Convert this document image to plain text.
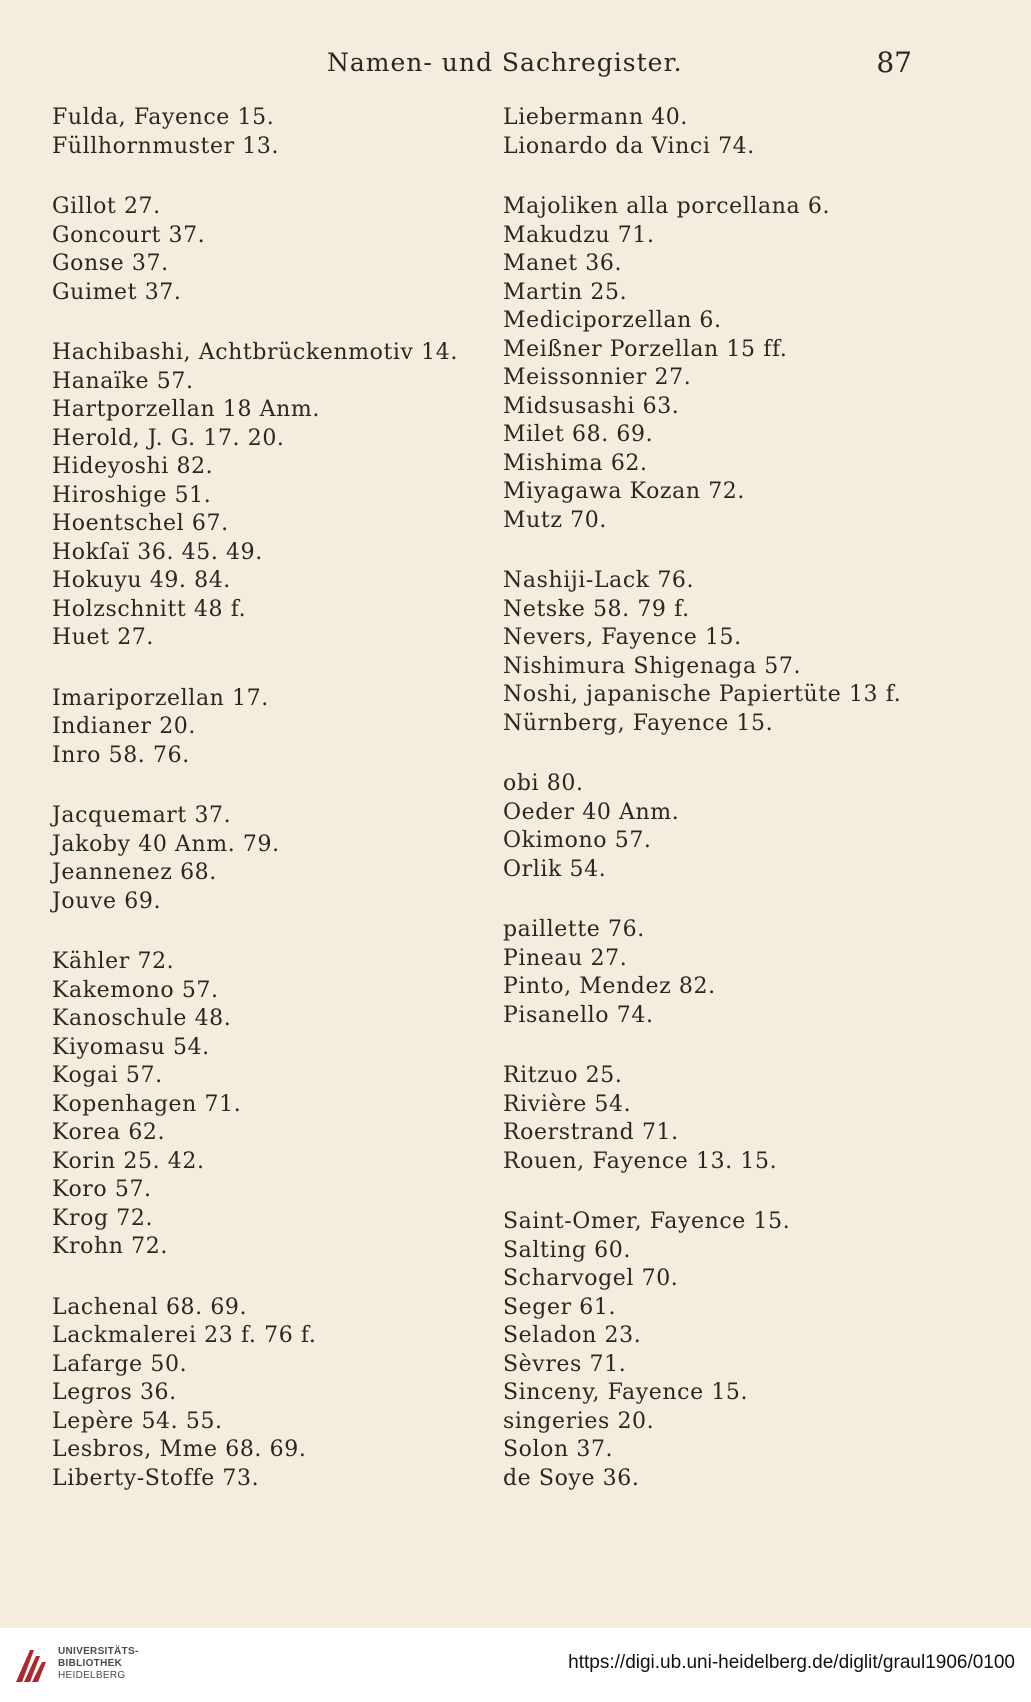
Namen- und Sachregister.	87
Fulda, Fayence 15.
Füllhornmuster 13.
Gillot 27.
Goncourt 37.
Gonse 37.
Guimet 37.
Hachibashi, Achtbrückenmotiv 14.
Hanaïke 57.
Hartporzellan 18 Anm.
Herold, J. G. 17. 20.
Hideyoshi 82.
Hiroshige 51.
Hoentschel 67.
Hokſaï 36. 45. 49.
Hokuyu 49. 84.
Holzschnitt 48 f.
Huet 27.
Imariporzellan 17.
Indianer 20.
Inro 58. 76.
Jacquemart 37.
Jakoby 40 Anm. 79.
Jeannenez 68.
Jouve 69.
Kähler 72.
Kakemono 57.
Kanoschule 48.
Kiyomasu 54.
Kogai 57.
Kopenhagen 71.
Korea 62.
Korin 25. 42.
Koro 57.
Krog 72.
Krohn 72.
Lachenal 68. 69.
Lackmalerei 23 f. 76 f.
Lafarge 50.
Legros 36.
Lepère 54. 55.
Lesbros, Mme 68. 69.
Liberty-Stoffe 73.
Liebermann 40.
Lionardo da Vinci 74.
Majoliken alla porcellana 6.
Makudzu 71.
Manet 36.
Martin 25.
Mediciporzellan 6.
Meißner Porzellan 15 ff.
Meissonnier 27.
Midsusashi 63.
Milet 68. 69.
Mishima 62.
Miyagawa Kozan 72.
Mutz 70.
Nashiji-Lack 76.
Netske 58. 79 f.
Nevers, Fayence 15.
Nishimura Shigenaga 57.
Noshi, japanische Papiertüte 13 f.
Nürnberg, Fayence 15.
obi 80.
Oeder 40 Anm.
Okimono 57.
Orlik 54.
paillette 76.
Pineau 27.
Pinto, Mendez 82.
Pisanello 74.
Ritzuo 25.
Rivière 54.
Roerstrand 71.
Rouen, Fayence 13. 15.
Saint-Omer, Fayence 15.
Salting 60.
Scharvogel 70.
Seger 61.
Seladon 23.
Sèvres 71.
Sinceny, Fayence 15.
singeries 20.
Solon 37.
de Soye 36.
UNIVERSITÄTS-
BIBLIOTHEK
HEIDELBERG
https://digi.ub.uni-heidelberg.de/diglit/graul1906/0100
